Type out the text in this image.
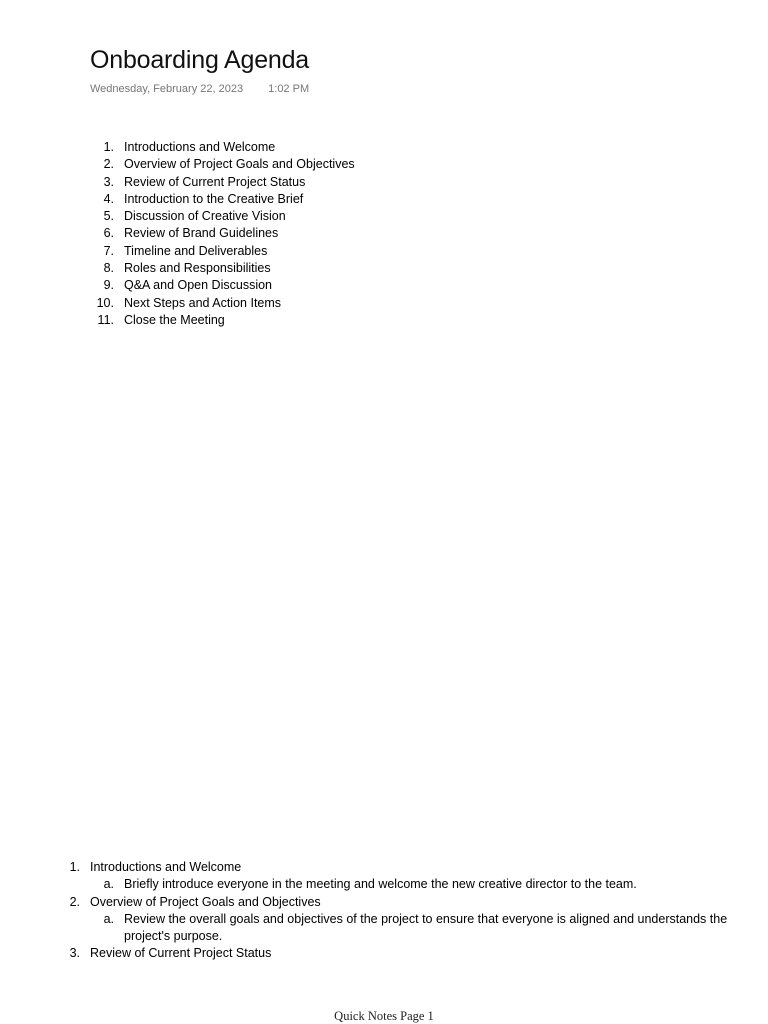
Onboarding Agenda
Wednesday, February 22, 2023 1:02 PM
1. Introductions and Welcome
2. Overview of Project Goals and Objectives
3. Review of Current Project Status
4. Introduction to the Creative Brief
5. Discussion of Creative Vision
6. Review of Brand Guidelines
7. Timeline and Deliverables
8. Roles and Responsibilities
9. Q&A and Open Discussion
10. Next Steps and Action Items
11. Close the Meeting
1. Introductions and Welcome
a. Briefly introduce everyone in the meeting and welcome the new creative director to the team.
2. Overview of Project Goals and Objectives
a. Review the overall goals and objectives of the project to ensure that everyone is aligned and understands the project's purpose.
3. Review of Current Project Status
Quick Notes Page 1
